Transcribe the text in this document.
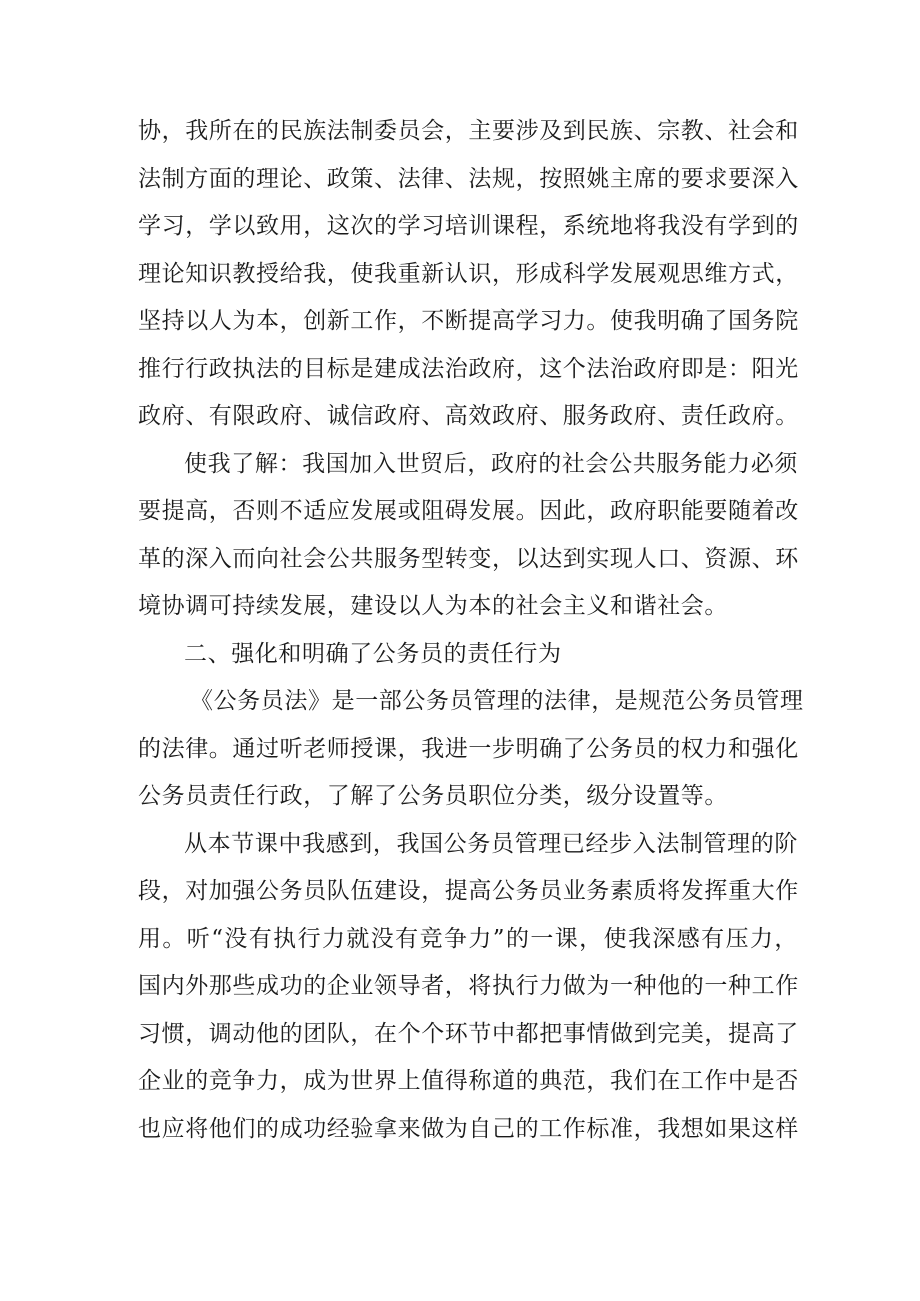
协，我所在的民族法制委员会，主要涉及到民族、宗教、社会和
法制方面的理论、政策、法律、法规，按照姚主席的要求要深入
学习，学以致用，这次的学习培训课程，系统地将我没有学到的
理论知识教授给我，使我重新认识，形成科学发展观思维方式，
坚持以人为本，创新工作，不断提高学习力。使我明确了国务院
推行行政执法的目标是建成法治政府，这个法治政府即是：阳光
政府、有限政府、诚信政府、高效政府、服务政府、责任政府。
使我了解：我国加入世贸后，政府的社会公共服务能力必须
要提高，否则不适应发展或阻碍发展。因此，政府职能要随着改
革的深入而向社会公共服务型转变，以达到实现人口、资源、环
境协调可持续发展，建设以人为本的社会主义和谐社会。
二、强化和明确了公务员的责任行为
《公务员法》是一部公务员管理的法律，是规范公务员管理
的法律。通过听老师授课，我进一步明确了公务员的权力和强化
公务员责任行政，了解了公务员职位分类，级分设置等。
从本节课中我感到，我国公务员管理已经步入法制管理的阶
段，对加强公务员队伍建设，提高公务员业务素质将发挥重大作
用。听“没有执行力就没有竞争力”的一课，使我深感有压力，
国内外那些成功的企业领导者，将执行力做为一种他的一种工作
习惯，调动他的团队，在个个环节中都把事情做到完美，提高了
企业的竞争力，成为世界上值得称道的典范，我们在工作中是否
也应将他们的成功经验拿来做为自己的工作标准，我想如果这样
